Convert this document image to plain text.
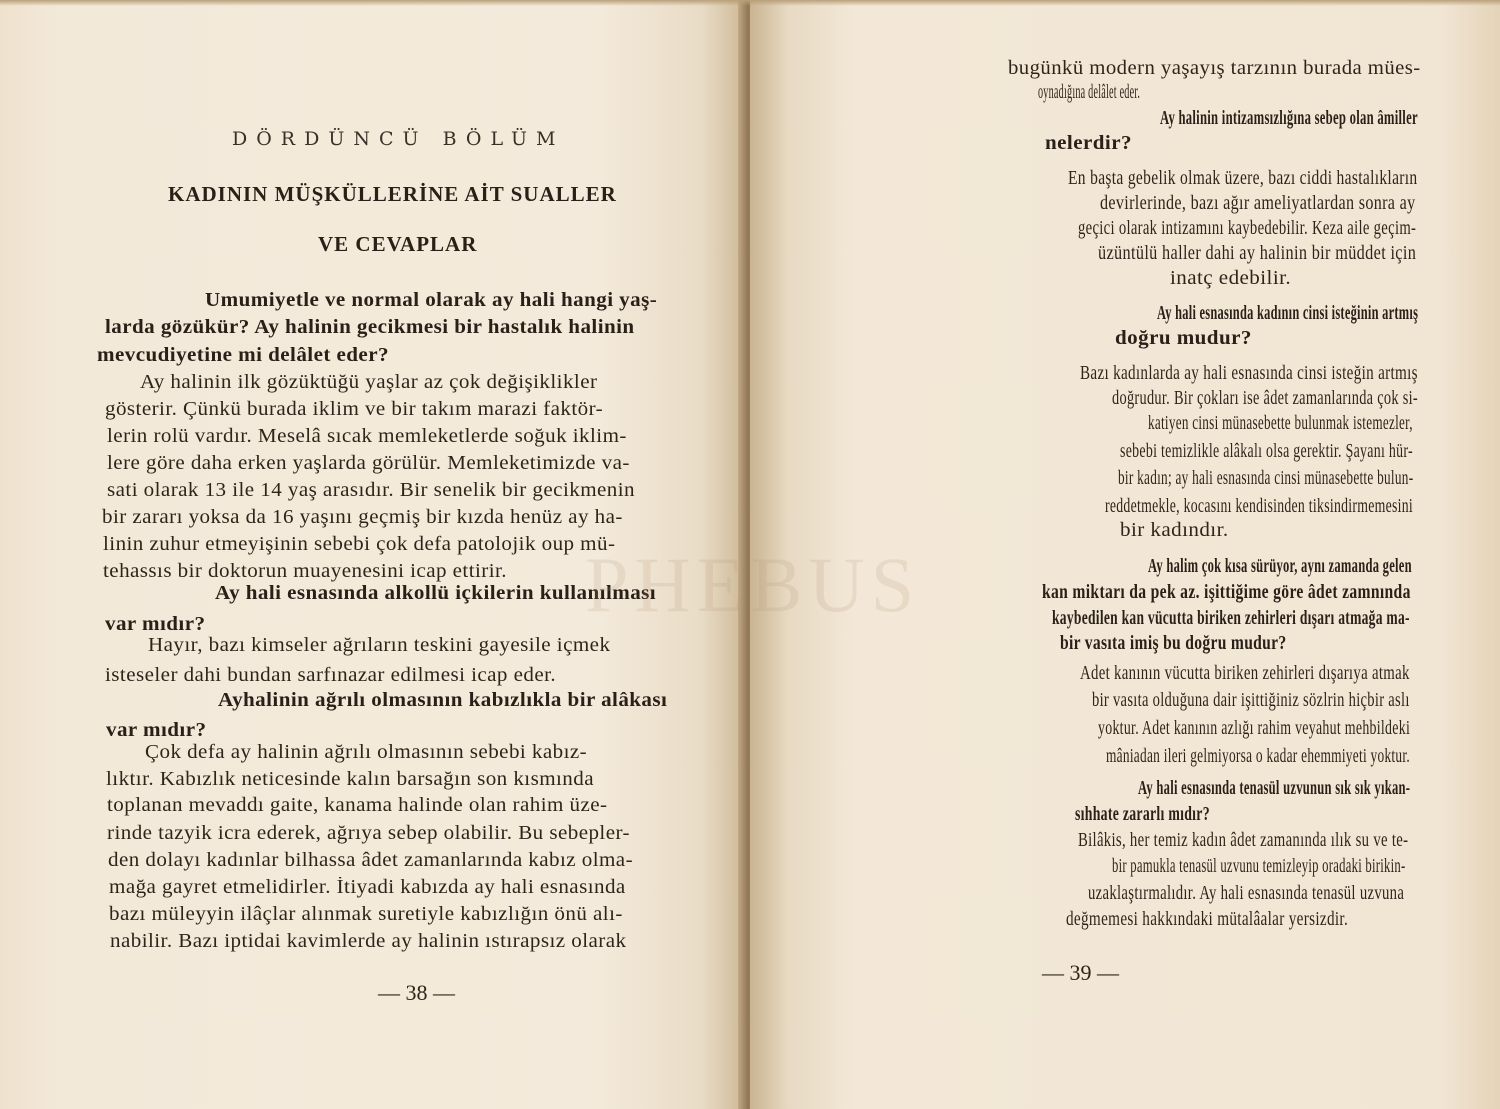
DÖRDÜNCÜ BÖLÜM
KADININ MÜŞKÜLLERİNE AİT SUALLER
VE CEVAPLAR
Umumiyetle ve normal olarak ay hali hangi yaş-
larda gözükür? Ay halinin gecikmesi bir hastalık halinin
mevcudiyetine mi delâlet eder?
Ay halinin ilk gözüktüğü yaşlar az çok değişiklikler
gösterir. Çünkü burada iklim ve bir takım marazi faktör-
lerin rolü vardır. Meselâ sıcak memleketlerde soğuk iklim-
lere göre daha erken yaşlarda görülür. Memleketimizde va-
sati olarak 13 ile 14 yaş arasıdır. Bir senelik bir gecikmenin
bir zararı yoksa da 16 yaşını geçmiş bir kızda henüz ay ha-
linin zuhur etmeyişinin sebebi çok defa patolojik oup mü-
tehassıs bir doktorun muayenesini icap ettirir.
Ay hali esnasında alkollü içkilerin kullanılması
var mıdır?
Hayır, bazı kimseler ağrıların teskini gayesile içmek
isteseler dahi bundan sarfınazar edilmesi icap eder.
Ayhalinin ağrılı olmasının kabızlıkla bir alâkası
var mıdır?
Çok defa ay halinin ağrılı olmasının sebebi kabız-
lıktır. Kabızlık neticesinde kalın barsağın son kısmında
toplanan mevaddı gaite, kanama halinde olan rahim üze-
rinde tazyik icra ederek, ağrıya sebep olabilir. Bu sebepler-
den dolayı kadınlar bilhassa âdet zamanlarında kabız olma-
mağa gayret etmelidirler. İtiyadi kabızda ay hali esnasında
bazı müleyyin ilâçlar alınmak suretiyle kabızlığın önü alı-
nabilir. Bazı iptidai kavimlerde ay halinin ıstırapsız olarak
— 38 —
bugünkü modern yaşayış tarzının burada mües-
oynadığına delâlet eder.
Ay halinin intizamsızlığına sebep olan âmiller
nelerdir?
En başta gebelik olmak üzere, bazı ciddi hastalıkların
devirlerinde, bazı ağır ameliyatlardan sonra ay
geçici olarak intizamını kaybedebilir. Keza aile geçim-
üzüntülü haller dahi ay halinin bir müddet için
inatç edebilir.
Ay hali esnasında kadının cinsi isteğinin artmış
doğru mudur?
Bazı kadınlarda ay hali esnasında cinsi isteğin artmış
doğrudur. Bir çokları ise âdet zamanlarında çok si-
katiyen cinsi münasebette bulunmak istemezler,
sebebi temizlikle alâkalı olsa gerektir. Şayanı hür-
bir kadın; ay hali esnasında cinsi münasebette bulun-
reddetmekle, kocasını kendisinden tiksindirmemesini
bir kadındır.
Ay halim çok kısa sürüyor, aynı zamanda gelen
kan miktarı da pek az. işittiğime göre âdet zamnında
kaybedilen kan vücutta biriken zehirleri dışarı atmağa ma-
bir vasıta imiş bu doğru mudur?
Adet kanının vücutta biriken zehirleri dışarıya atmak
bir vasıta olduğuna dair işittiğiniz sözlrin hiçbir aslı
yoktur. Adet kanının azlığı rahim veyahut mehbildeki
mâniadan ileri gelmiyorsa o kadar ehemmiyeti yoktur.
Ay hali esnasında tenasül uzvunun sık sık yıkan-
sıhhate zararlı mıdır?
Bilâkis, her temiz kadın âdet zamanında ılık su ve te-
bir pamukla tenasül uzvunu temizleyip oradaki birikin-
uzaklaştırmalıdır. Ay hali esnasında tenasül uzvuna
değmemesi hakkındaki mütalâalar yersizdir.
— 39 —
